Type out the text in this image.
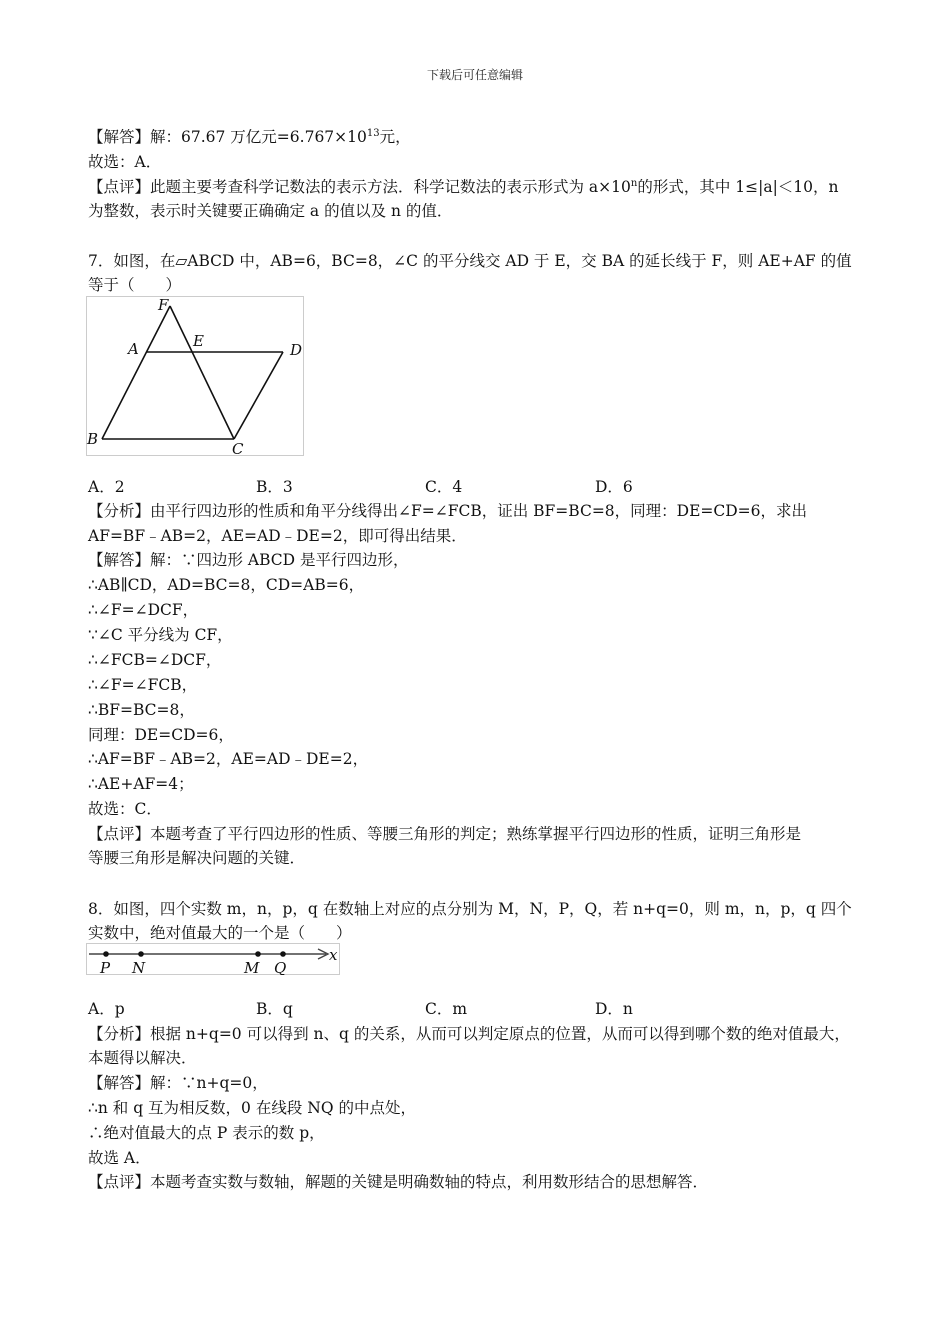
下载后可任意编辑
【解答】解：67.67 万亿元$=6.767\times 10^{13}$元，
故选：A．
【点评】此题主要考查科学记数法的表示方法．科学记数法的表示形式为 $a\times 10^n$的形式，其中 1≤|a|＜10，n
为整数，表示时关键要正确确定 a 的值以及 n 的值．
7．如图，在▱ABCD 中，AB=6，BC=8，∠C 的平分线交 AD 于 E，交 BA 的延长线于 F，则 AE+AF 的值
等于（　　）
F
A	E	D
B
C
A．2	B．3	C．4	D．6
【分析】由平行四边形的性质和角平分线得出∠F=∠FCB，证出 BF=BC=8，同理：DE=CD=6，求出
AF=BF﹣AB=2，AE=AD﹣DE=2，即可得出结果．
【解答】解：∵四边形 ABCD 是平行四边形，
∴AB∥CD，AD=BC=8，CD=AB=6，
∴∠F=∠DCF，
∵∠C 平分线为 CF，
∴∠FCB=∠DCF，
∴∠F=∠FCB，
∴BF=BC=8，
同理：DE=CD=6，
∴AF=BF﹣AB=2，AE=AD﹣DE=2，
∴AE+AF=4；
故选：C．
【点评】本题考查了平行四边形的性质、等腰三角形的判定；熟练掌握平行四边形的性质，证明三角形是
等腰三角形是解决问题的关键．
8．如图，四个实数 m，n，p，q 在数轴上对应的点分别为 M，N，P，Q，若 n+q=0，则 m，n，p，q 四个
实数中，绝对值最大的一个是（　　）
P N	M Q
x
A．p	B．q	C．m	D．n
【分析】根据 n+q=0 可以得到 n、q 的关系，从而可以判定原点的位置，从而可以得到哪个数的绝对值最大，
本题得以解决．
【解答】解：∵n+q=0，
∴n 和 q 互为相反数，0 在线段 NQ 的中点处，
∴绝对值最大的点 P 表示的数 p，
故选 A．
【点评】本题考查实数与数轴，解题的关键是明确数轴的特点，利用数形结合的思想解答．
